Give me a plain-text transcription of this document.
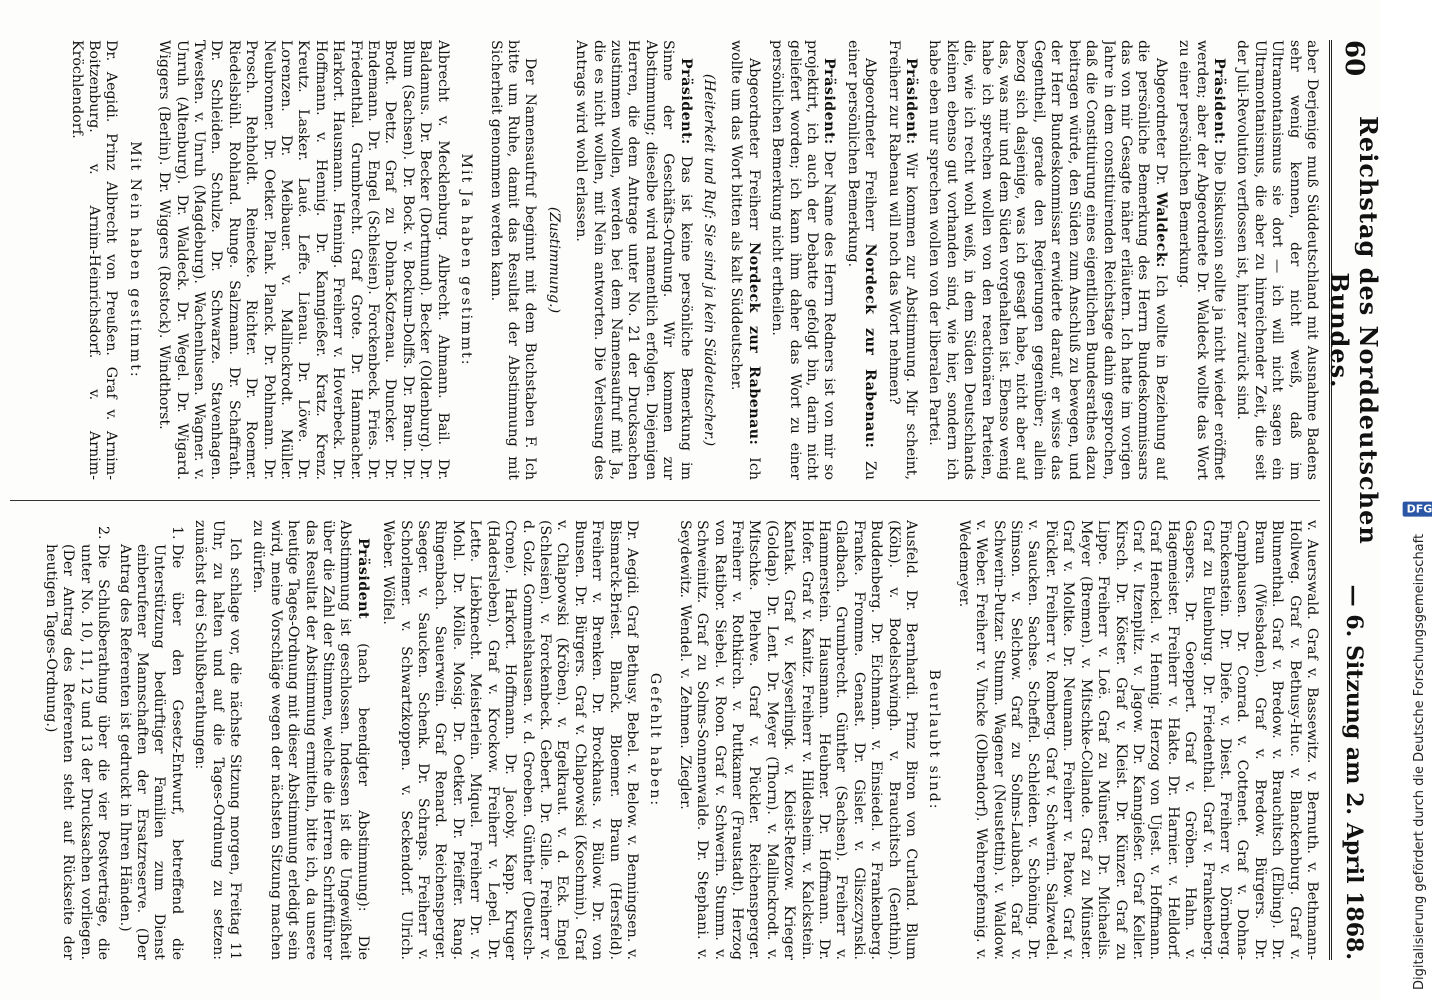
60
Reichstag des Norddeutschen Bundes.
— 6. Sitzung am 2. April 1868.

aber Derjenige muß Süddeutschland mit Ausnahme Badens sehr wenig kennen, der nicht weiß, daß im Ultramontanismus sie dort — ich will nicht sagen ein Ultramontanismus, die aber zu hinreichender Zeit, die seit der Juli-Revolution verflossen ist, hinter zurück sind.

Präsident: Die Diskussion sollte ja nicht wieder eröffnet werden; aber der Abgeordnete Dr. Waldeck wollte das Wort zu einer persönlichen Bemerkung.

Abgeordneter Dr. Waldeck: Ich wollte in Beziehung auf die persönliche Bemerkung des Herrn Bundeskommissars das von mir Gesagte näher erläutern. Ich hatte im vorigen Jahre in dem constituirenden Reichstage dahin gesprochen, daß die Constituirung eines eigentlichen Bundesrathes dazu beitragen würde, den Süden zum Anschluß zu bewegen, und der Herr Bundeskommissar erwiderte darauf, er wisse das Gegentheil, gerade den Regierungen gegenüber; allein bezog sich dasjenige, was ich gesagt habe, nicht aber auf das, was mir und dem Süden vorgehalten ist. Ebenso wenig habe ich sprechen wollen von den reactionären Parteien, die, wie ich recht wohl weiß, in dem Süden Deutschlands kleinen ebenso gut vorhanden sind, wie hier, sondern ich habe eben nur sprechen wollen von der liberalen Partei.

Präsident: Wir kommen zur Abstimmung. Mir scheint, Freiherr zur Rabenau will noch das Wort nehmen?

Abgeordneter Freiherr Nordeck zur Rabenau: Zu einer persönlichen Bemerkung.

Präsident: Der Name des Herrn Redners ist von mir so projektirt, ich auch der Debatte gefolgt bin, darin nicht geliefert worden; ich kann ihm daher das Wort zu einer persönlichen Bemerkung nicht ertheilen.

Abgeordneter Freiherr Nordeck zur Rabenau: Ich wollte um das Wort bitten als kalt Süddeutscher.

(Heiterkeit und Ruf: Sie sind ja kein Süddeutscher.)

Präsident: Das ist keine persönliche Bemerkung im Sinne der Geschäfts-Ordnung. Wir kommen zur Abstimmung; dieselbe wird namentlich erfolgen. Diejenigen Herren, die dem Antrage unter No. 21 der Drucksachen zustimmen wollen, werden bei dem Namensaufruf mit Ja, die es nicht wollen, mit Nein antworten. Die Verlesung des Antrags wird wohl erlassen.

(Zustimmung.)

Der Namensaufruf beginnt mit dem Buchstaben F. Ich bitte um Ruhe, damit das Resultat der Abstimmung mit Sicherheit genommen werden kann.

Mit Ja haben gestimmt:

Albrecht v. Mecklenburg. Albrecht. Ahmann. Bail. Dr. Baldamus. Dr. Becker (Dortmund). Becker (Oldenburg). Dr. Blum (Sachsen). Dr. Bock. v. Bockum-Dolffs. Dr. Braun. Dr. Brodt. Dettz. Graf zu Dohna-Kotzenau. Duncker. Dr. Endemann. Dr. Engel (Schlesien). Forckenbeck. Fries. Dr. Friedenthal. Grumbrecht. Graf Grote. Dr. Hammacher. Harkort. Hausmann. Henning. Freiherr v. Hoverbeck. Dr. Hoffmann. v. Hennig. Dr. Kanngießer. Kratz. Krenz. Kreutz. Lasker. Laué. Leffe. Lienau. Dr. Löwe. Dr. Lorenzen. Dr. Meibauer. v. Mallinckrodt. Müller. Neubronner. Dr. Oetker. Plank. Planck. Dr. Pohlmann. Dr. Prosch. Rehholdt. Reinecke. Richter. Dr. Roemer. Riedelsbühl. Rohland. Runge. Salzmann. Dr. Schaffrath. Dr. Schleiden. Schulze. Dr. Schwarze. Stavenhagen. Twesten. v. Unruh (Magdeburg). Wachenhusen. Wagner. v. Unruh (Altenburg). Dr. Waldeck. Dr. Wegel. Dr. Wigard. Wiggers (Berlin). Dr. Wiggers (Rostock). Windthorst.

Mit Nein haben gestimmt:

Dr. Aegidi. Prinz Albrecht von Preußen. Graf v. Arnim-Boitzenburg. v. Arnim-Heinrichsdorf. v. Arnim-Kröchlendorf.

v. Auerswald. Graf v. Bassewitz. v. Bernuth. v. Bethmann-Hollweg. Graf v. Bethusy-Huc. v. Blanckenburg. Graf v. Blumenthal. Graf v. Bredow. v. Brauchitsch (Elbing). Dr. Braun (Wiesbaden). Graf v. Bredow. Bürgers. Dr. Camphausen. Dr. Conrad. v. Cottenet. Graf v. Dohna-Finckenstein. Dr. Diefe. v. Diest. Freiherr v. Dörnberg. Graf zu Eulenburg. Dr. Friedenthal. Graf v. Frankenberg. Gaspers. Dr. Goeppert. Graf v. Gröben. Hahn. v. Hagemeister. Freiherr v. Hakte. Dr. Harnier. v. Helldorf. Graf Henckel. v. Hennig. Herzog von Ujest. v. Hoffmann. Graf v. Itzenplitz. v. Jagow. Dr. Kanngießer. Graf Keller. Kirsch. Dr. Köster. Graf v. Kleist. Dr. Künzer. Graf zu Lippe. Freiherr v. Loë. Graf zu Münster. Dr. Michaelis. Meyer (Bremen). v. Mitschke-Collande. Graf zu Münster. Graf v. Moltke. Dr. Neumann. Freiherr v. Patow. Graf v. Pückler. Freiherr v. Romberg. Graf v. Schwerin. Salzwedel. v. Saucken. Sachse. Scheffel. Schleiden. v. Schöning. Dr. Simson. v. Selchow. Graf zu Solms-Laubach. Graf v. Schwerin-Putzar. Stumm. Wagener (Neustettin). v. Waldow. v. Weber. Freiherr v. Vincke (Olbendorf). Wehrenpfennig. v. Wedemeyer.

Beurlaubt sind:

Ausfeld. Dr. Bernhardi. Prinz Biron von Curland. Blum (Köln). v. Bodelschwingh. v. Brauchitsch (Genthin). Buddenberg. Dr. Eichmann. v. Einsiedel. v. Frankenberg. Franke. Fromme. Genast. Dr. Gisler. v. Gliszczynski. Gladbach. Grumbrecht. Günther (Sachsen). Freiherr v. Hammerstein. Hausmann. Heubner. Dr. Hoffmann. Dr. Hofer. Graf v. Kanitz. Freiherr v. Hildesheim. v. Kalckstein. Kantak. Graf v. Keyserlingk. v. Kleist-Retzow. Krieger (Goldap). Dr. Lent. Dr. Meyer (Thorn). v. Mallinckrodt. v. Mitschke. Plehwe. Graf v. Pückler. Reichensperger. Freiherr v. Rothkirch. v. Puttkamer (Fraustadt). Herzog von Ratibor. Siebel. v. Roon. Graf v. Schwerin. Stumm. v. Schweinitz. Graf zu Solms-Sonnenwalde. Dr. Stephani. v. Seydewitz. Wendel. v. Zehmen. Ziegler.

Gefehlt haben:

Dr. Aegidi. Graf Bethusy. Bebel. v. Below. v. Benningsen. v. Bismarck-Briest. Blanck. Bloemer. Braun (Hersfeld). Freiherr v. Brenken. Dr. Brockhaus. v. Bülow. Dr. von Bunsen. Dr. Bürgers. Graf v. Chlapowski (Koschmin). Graf v. Chlapowski (Kröben). v. Egelkraut. v. d. Eck. Engel (Schlesien). v. Forckenbeck. Gebert. Dr. Gille. Freiherr v. d. Golz. Gommelshausen. v. d. Groeben. Günther (Deutsch-Crone). Harkort. Hoffmann. Dr. Jacoby. Kapp. Kruger (Hadersleben). Graf v. Krockow. Freiherr v. Lepel. Dr. Lette. Liebknecht. Meisterlein. Miquel. Freiherr Dr. v. Mohl. Dr. Mölle. Mosig. Dr. Oetker. Dr. Pfeiffer. Rang. Ringenbach. Sauerwein. Graf Renard. Reichensperger. Saeger. v. Saucken. Schenk. Dr. Schraps. Freiherr v. Schorlemer. v. Schwartzkoppen. v. Seckendorf. Ulrich. Weber. Wölfel.

Präsident (nach beendigter Abstimmung): Die Abstimmung ist geschlossen. Indessen ist die Ungewißheit über die Zahl der Stimmen, welche die Herren Schriftführer das Resultat der Abstimmung ermitteln, bitte ich, da unsere heutige Tages-Ordnung mit dieser Abstimmung erledigt sein wird, meine Vorschläge wegen der nächsten Sitzung machen zu dürfen.

Ich schlage vor, die nächste Sitzung morgen, Freitag 11 Uhr, zu halten und auf die Tages-Ordnung zu setzen: zunächst drei Schlußberathungen:

1. Die über den Gesetz-Entwurf, betreffend die Unterstützung bedürftiger Familien zum Dienst einberufener Mannschaften der Ersatzreserve. (Der Antrag des Referenten ist gedruckt in Ihren Händen.)
2. Die Schlußberathung über die vier Postverträge, die unter No. 10, 11, 12 und 13 der Drucksachen vorliegen. (Der Antrag des Referenten steht auf Rückseite der heutigen Tages-Ordnung.)	Digitalisierung gefördert durch die Deutsche Forschungsgemeinschaft
DFG
